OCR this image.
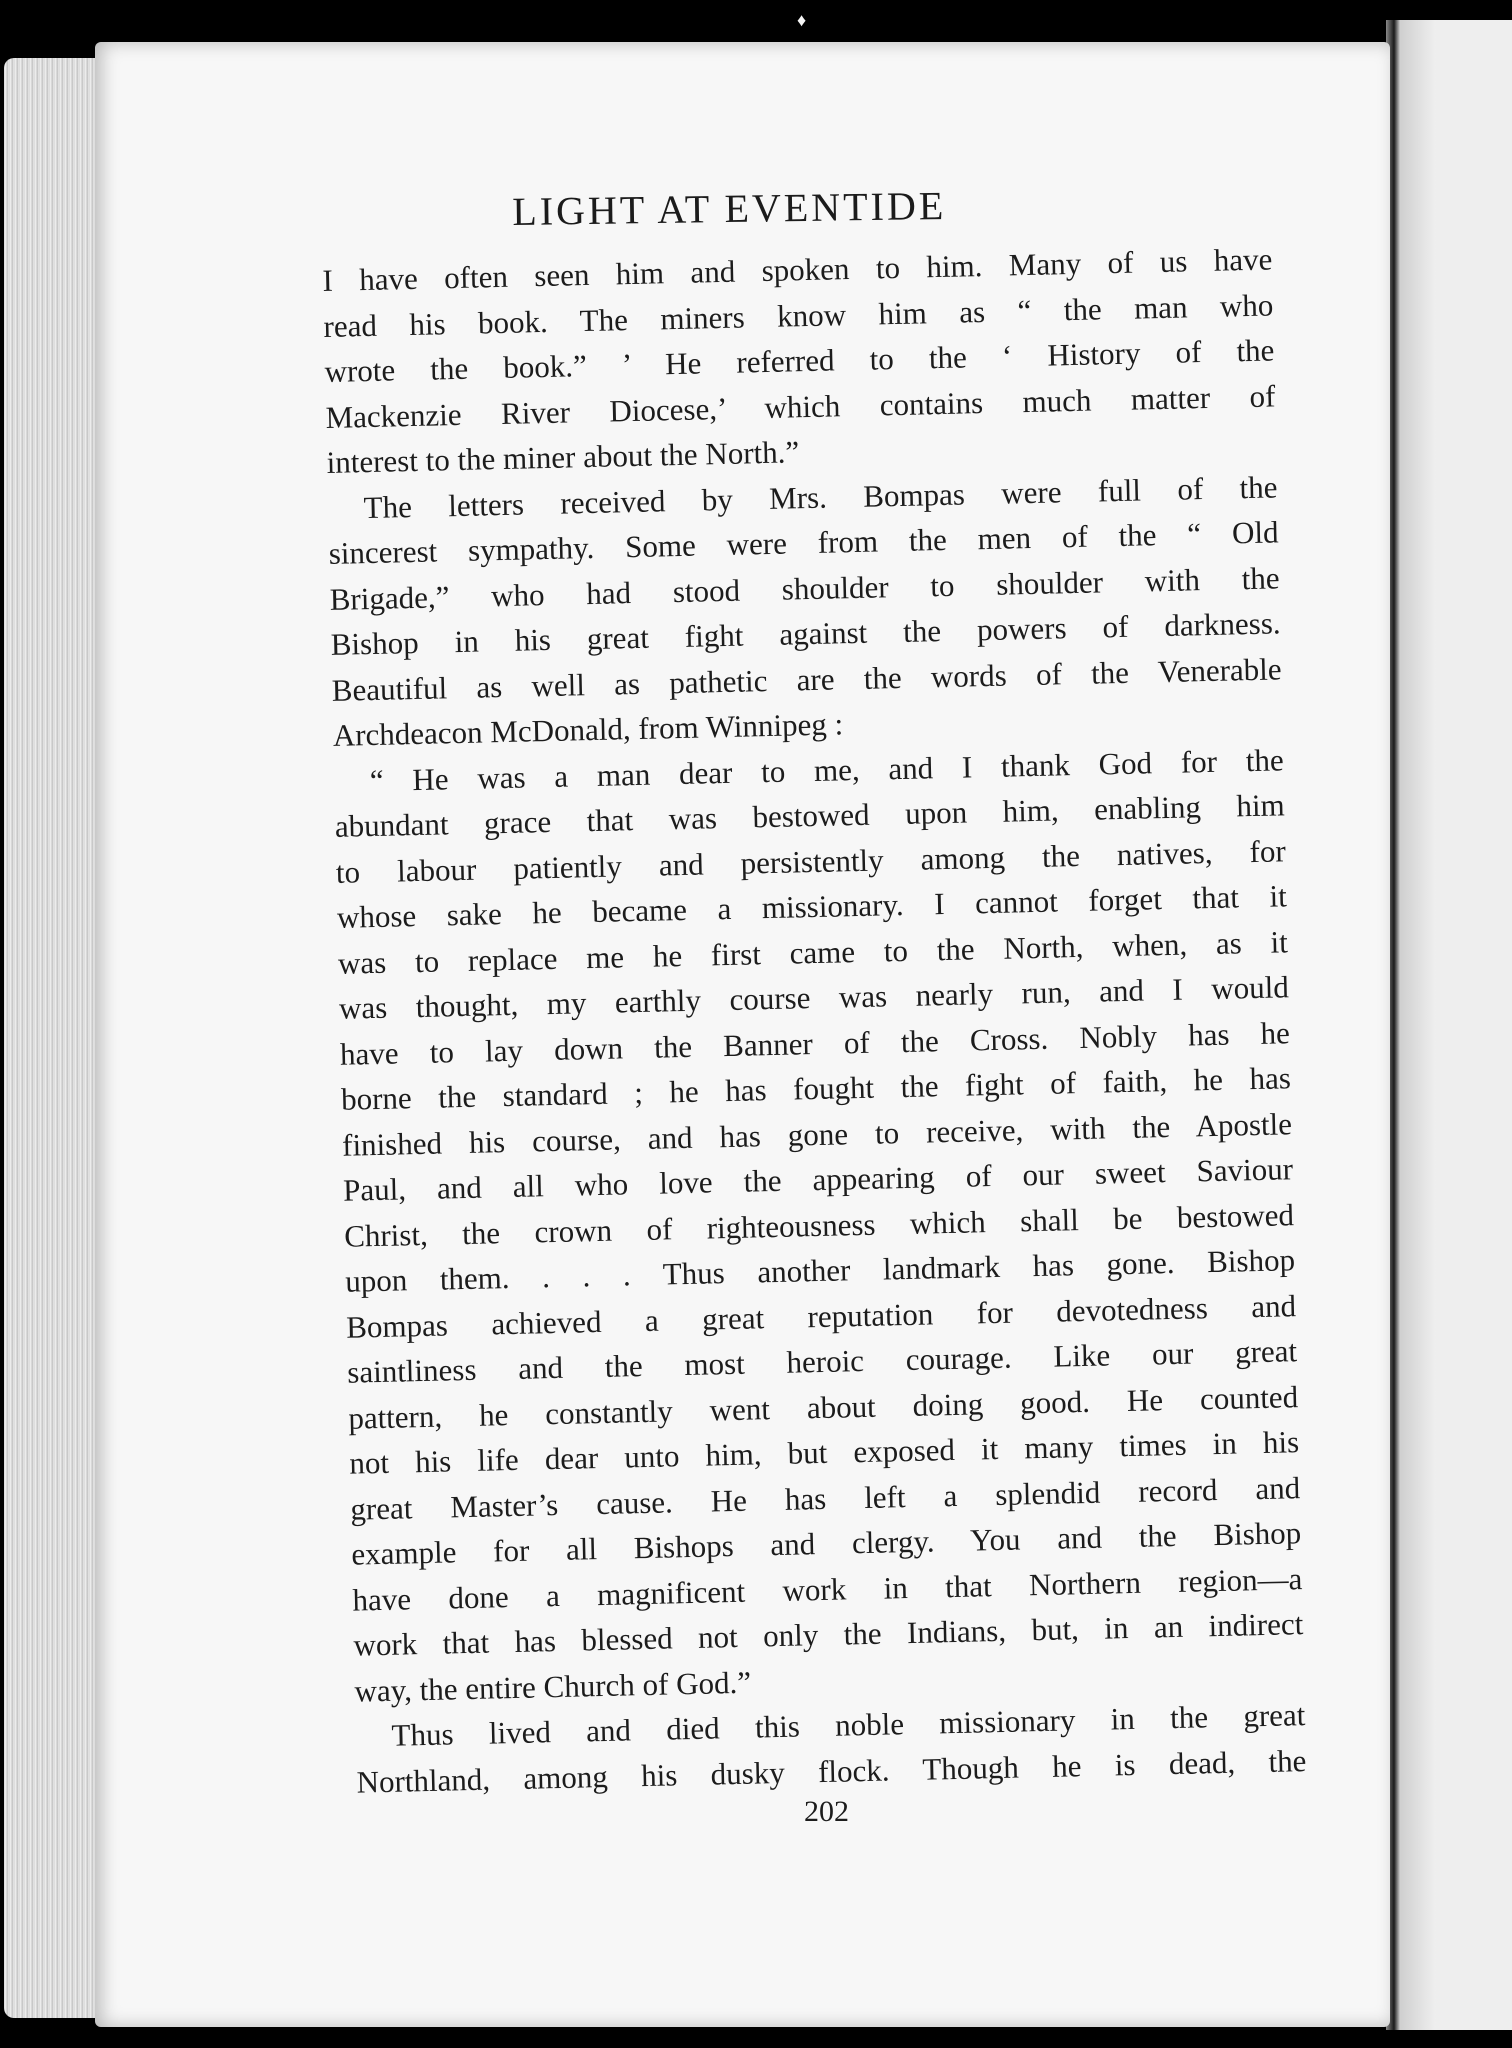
♦
LIGHT AT EVENTIDE
I have often seen him and spoken to him. Many of us have
read his book. The miners know him as “ the man who
wrote the book.” ’ He referred to the ‘ History of the
Mackenzie River Diocese,’ which contains much matter of
interest to the miner about the North.”
The letters received by Mrs. Bompas were full of the
sincerest sympathy. Some were from the men of the “ Old
Brigade,” who had stood shoulder to shoulder with the
Bishop in his great fight against the powers of darkness.
Beautiful as well as pathetic are the words of the Venerable
Archdeacon McDonald, from Winnipeg :
“ He was a man dear to me, and I thank God for the
abundant grace that was bestowed upon him, enabling him
to labour patiently and persistently among the natives, for
whose sake he became a missionary. I cannot forget that it
was to replace me he first came to the North, when, as it
was thought, my earthly course was nearly run, and I would
have to lay down the Banner of the Cross. Nobly has he
borne the standard ; he has fought the fight of faith, he has
finished his course, and has gone to receive, with the Apostle
Paul, and all who love the appearing of our sweet Saviour
Christ, the crown of righteousness which shall be bestowed
upon them. . . . Thus another landmark has gone. Bishop
Bompas achieved a great reputation for devotedness and
saintliness and the most heroic courage. Like our great
pattern, he constantly went about doing good. He counted
not his life dear unto him, but exposed it many times in his
great Master’s cause. He has left a splendid record and
example for all Bishops and clergy. You and the Bishop
have done a magnificent work in that Northern region—a
work that has blessed not only the Indians, but, in an indirect
way, the entire Church of God.”
Thus lived and died this noble missionary in the great
Northland, among his dusky flock. Though he is dead, the
202
